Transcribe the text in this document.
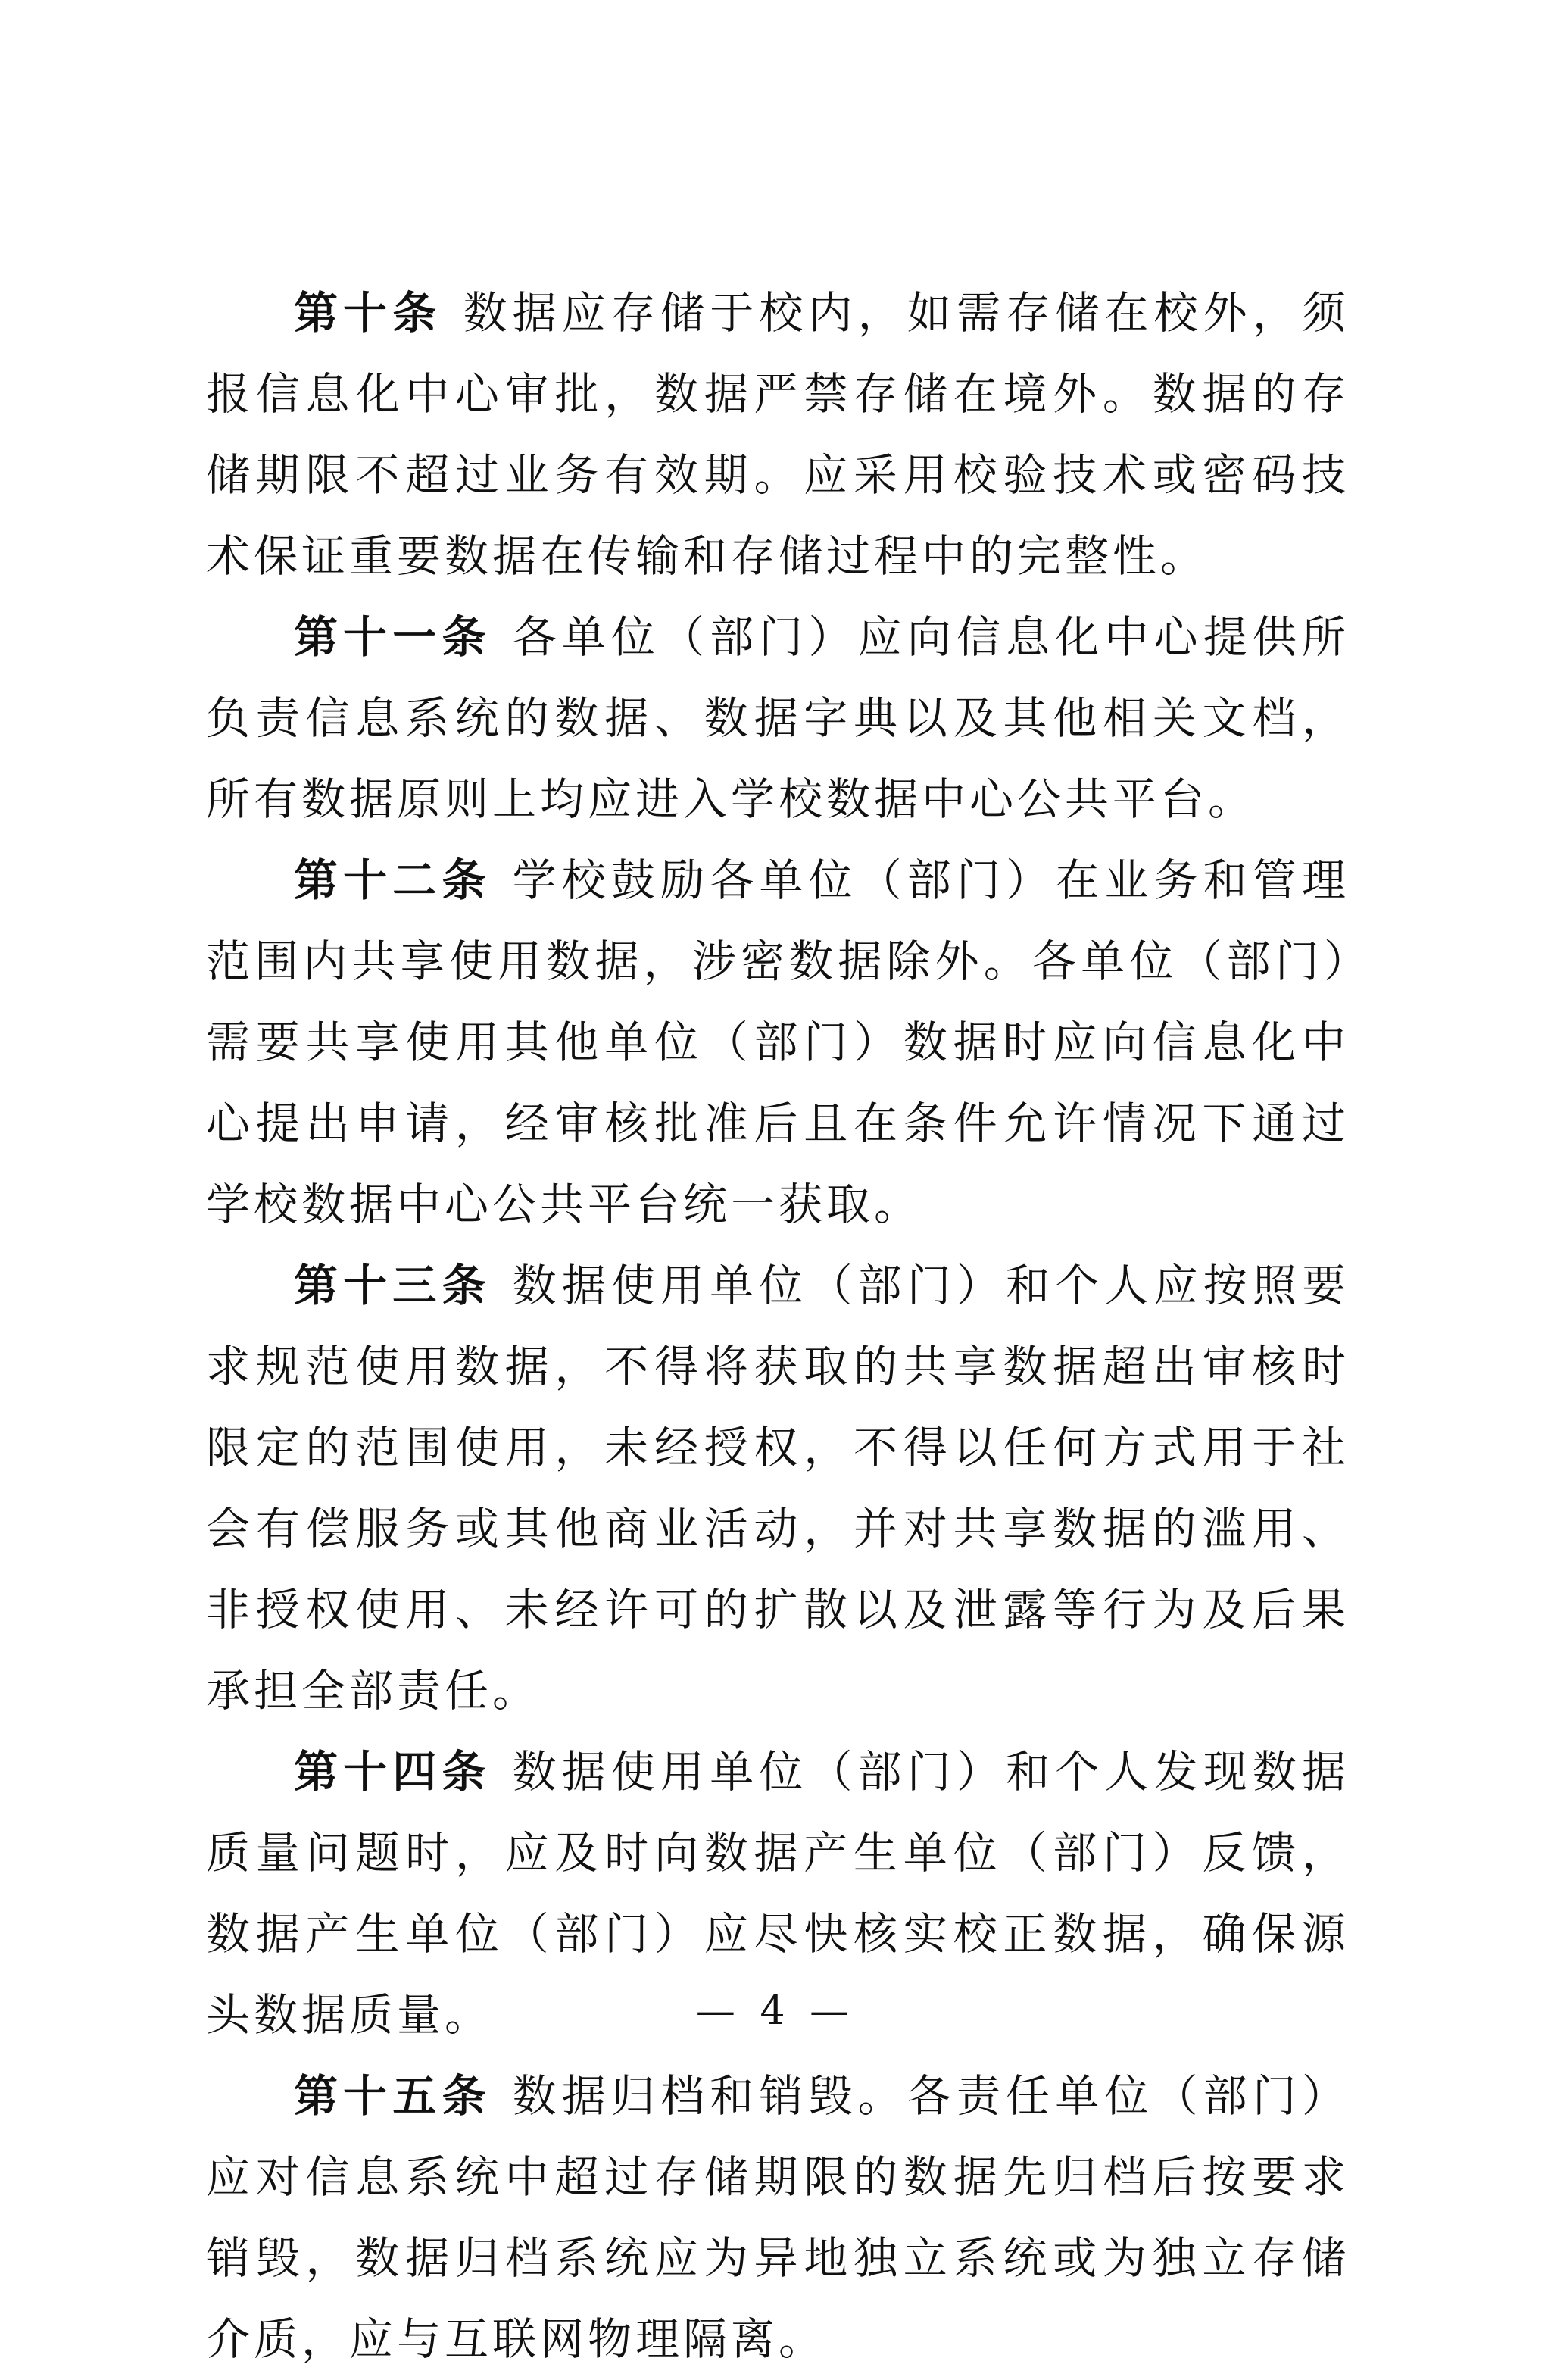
第十条 数据应存储于校内，如需存储在校外，须报信息化中心审批，数据严禁存储在境外。数据的存储期限不超过业务有效期。应采用校验技术或密码技术保证重要数据在传输和存储过程中的完整性。

第十一条 各单位（部门）应向信息化中心提供所负责信息系统的数据、数据字典以及其他相关文档，所有数据原则上均应进入学校数据中心公共平台。

第十二条 学校鼓励各单位（部门）在业务和管理范围内共享使用数据，涉密数据除外。各单位（部门）需要共享使用其他单位（部门）数据时应向信息化中心提出申请，经审核批准后且在条件允许情况下通过学校数据中心公共平台统一获取。

第十三条 数据使用单位（部门）和个人应按照要求规范使用数据，不得将获取的共享数据超出审核时限定的范围使用，未经授权，不得以任何方式用于社会有偿服务或其他商业活动，并对共享数据的滥用、非授权使用、未经许可的扩散以及泄露等行为及后果承担全部责任。

第十四条 数据使用单位（部门）和个人发现数据质量问题时，应及时向数据产生单位（部门）反馈，数据产生单位（部门）应尽快核实校正数据，确保源头数据质量。

第十五条 数据归档和销毁。各责任单位（部门）应对信息系统中超过存储期限的数据先归档后按要求销毁，数据归档系统应为异地独立系统或为独立存储介质，应与互联网物理隔离。

— 4 —
